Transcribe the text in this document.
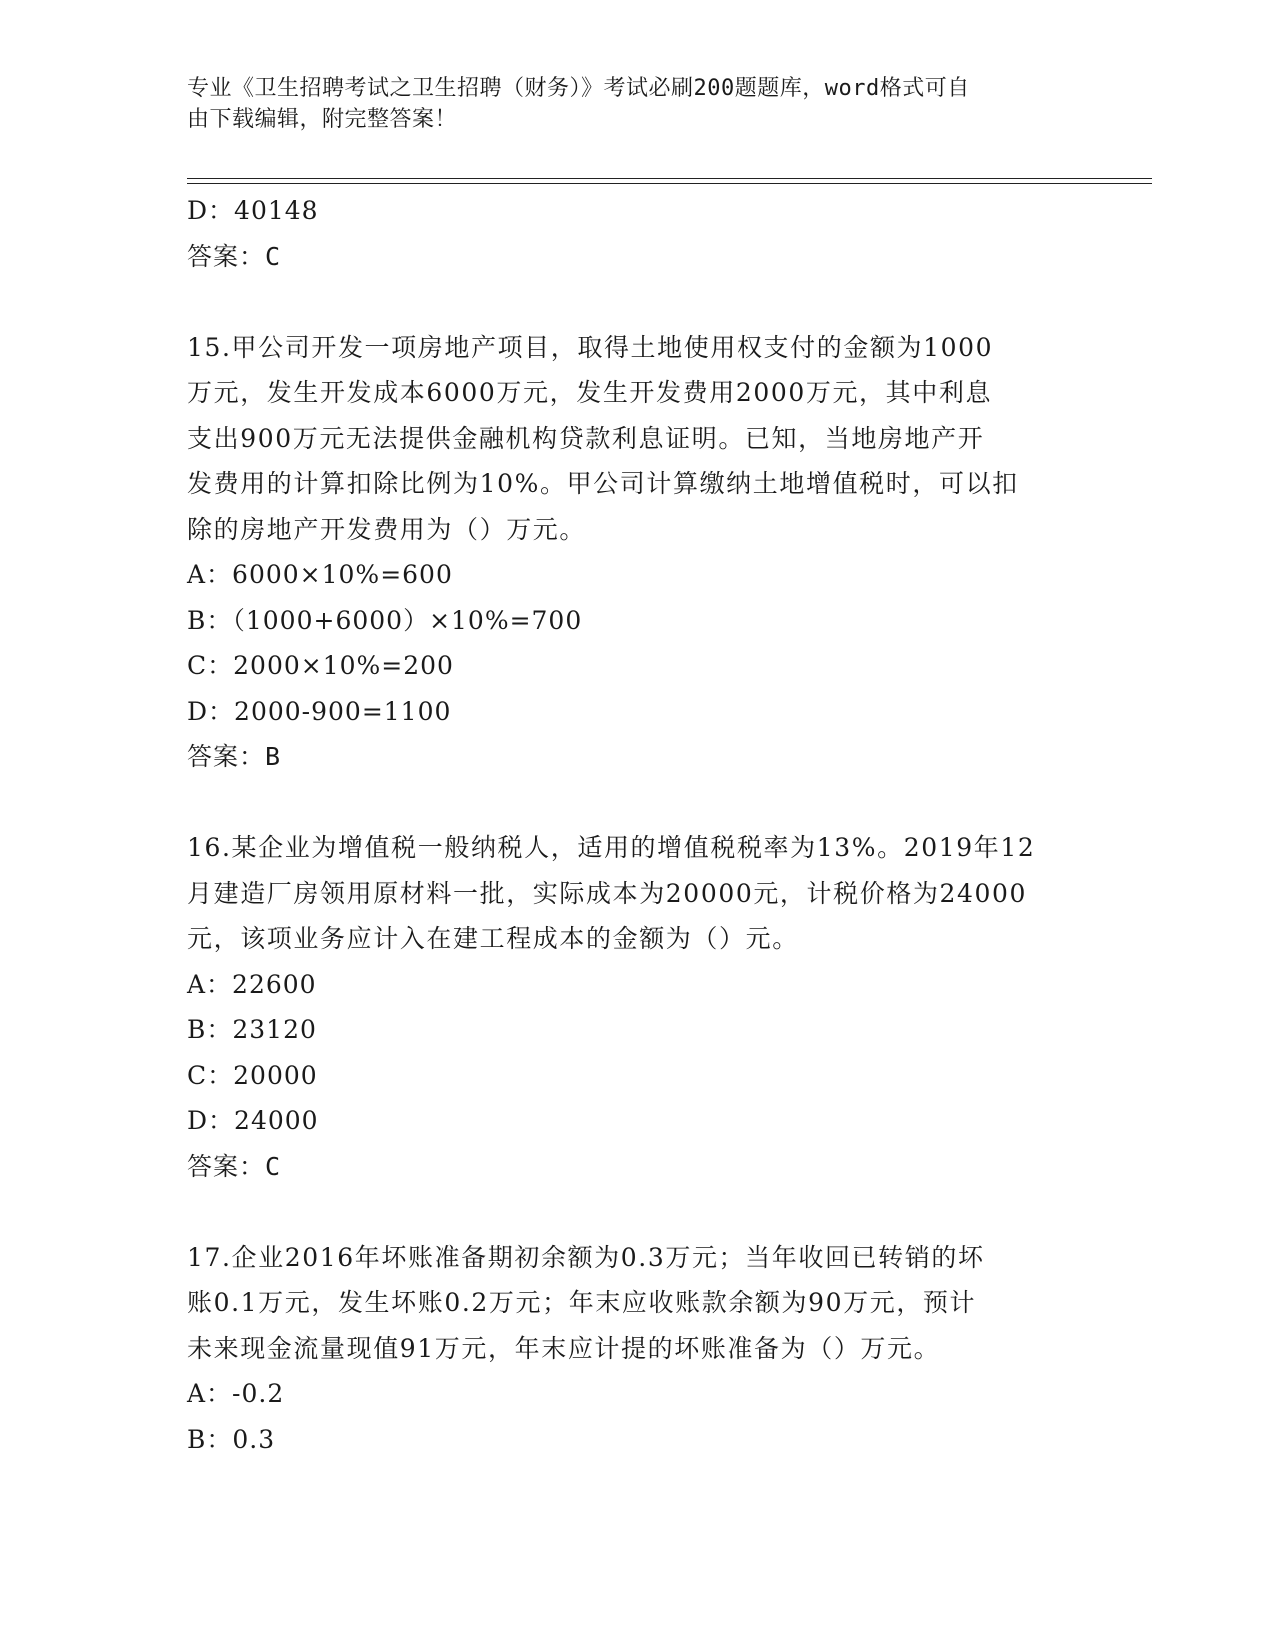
专业《卫生招聘考试之卫生招聘（财务）》考试必刷200题题库，word格式可自
由下载编辑，附完整答案！
D：40148
答案：C
15.甲公司开发一项房地产项目，取得土地使用权支付的金额为1000
万元，发生开发成本6000万元，发生开发费用2000万元，其中利息
支出900万元无法提供金融机构贷款利息证明。已知，当地房地产开
发费用的计算扣除比例为10%。甲公司计算缴纳土地增值税时，可以扣
除的房地产开发费用为（）万元。
A：6000×10%=600
B：（1000+6000）×10%=700
C：2000×10%=200
D：2000-900=1100
答案：B
16.某企业为增值税一般纳税人，适用的增值税税率为13%。2019年12
月建造厂房领用原材料一批，实际成本为20000元，计税价格为24000
元，该项业务应计入在建工程成本的金额为（）元。
A：22600
B：23120
C：20000
D：24000
答案：C
17.企业2016年坏账准备期初余额为0.3万元；当年收回已转销的坏
账0.1万元，发生坏账0.2万元；年末应收账款余额为90万元，预计
未来现金流量现值91万元，年末应计提的坏账准备为（）万元。
A：-0.2
B：0.3
